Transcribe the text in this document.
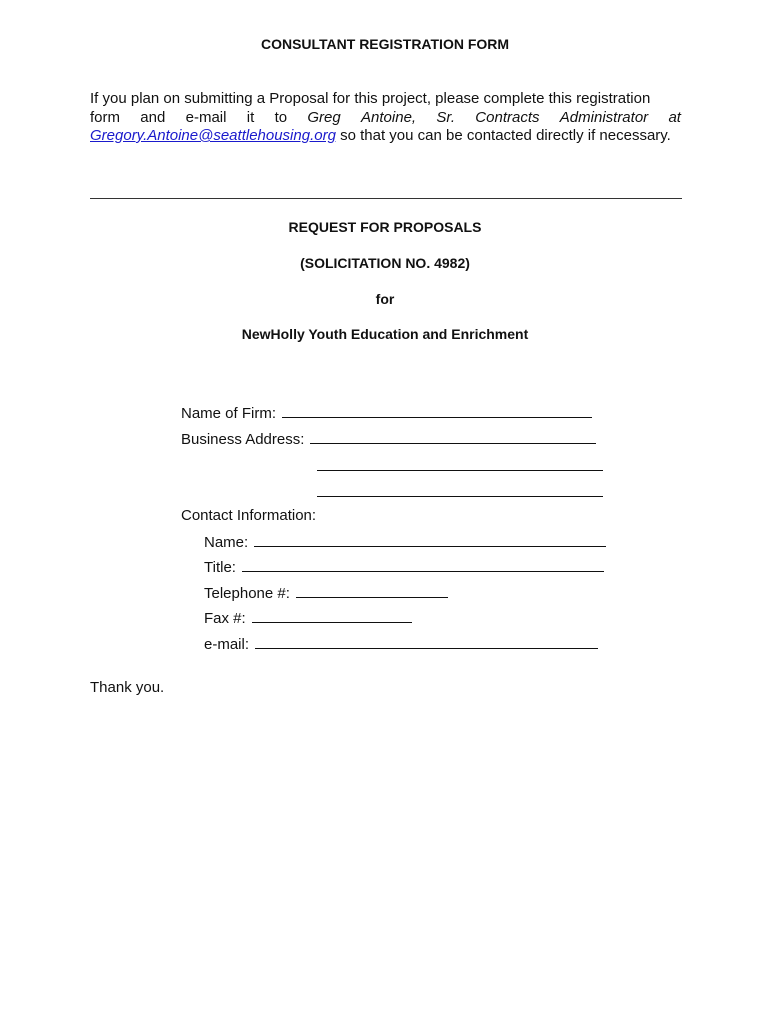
CONSULTANT REGISTRATION FORM
If you plan on submitting a Proposal for this project, please complete this registration
form and e-mail it to Greg Antoine, Sr. Contracts Administrator at
Gregory.Antoine@seattlehousing.org so that you can be contacted directly if necessary.
REQUEST FOR PROPOSALS
(SOLICITATION NO. 4982)
for
NewHolly Youth Education and Enrichment
Name of Firm:
Business Address:
Contact Information:
Name:
Title:
Telephone #:
Fax #:
e-mail:
Thank you.
